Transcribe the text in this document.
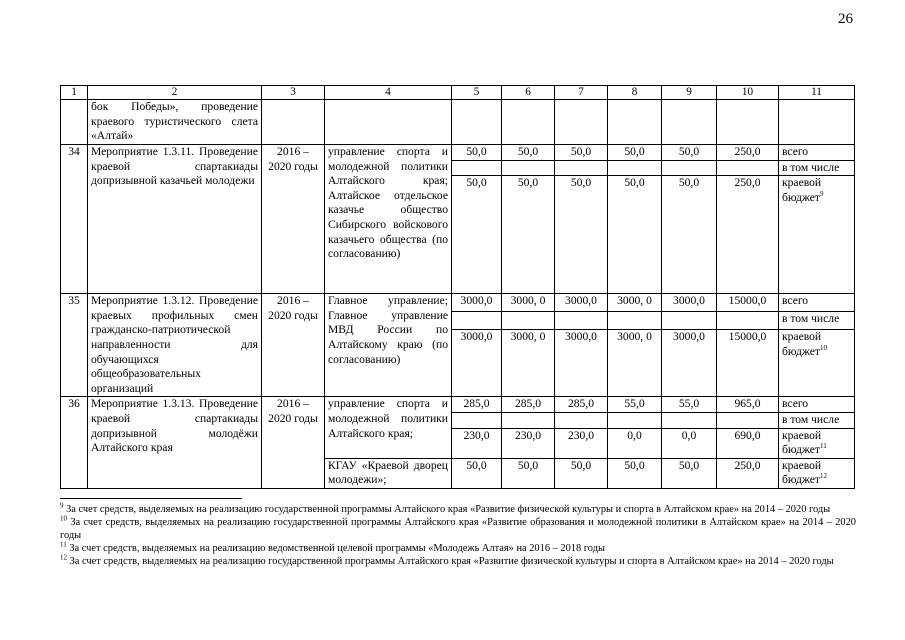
26
1	2	3	4	5	6	7	8	9	10	11
	бок Победы», проведение краевого туристического слета «Алтай»									
34	Мероприятие 1.3.11. Проведение краевой спартакиады допризывной казачьей молодежи	2016 – 2020 годы	управление спорта и молодежной политики Алтайского края; Алтайское отдельское казачье общество Сибирского войскового казачьего общества (по согласованию)	50,0	50,0	50,0	50,0	50,0	250,0	всего
										в том числе
				50,0	50,0	50,0	50,0	50,0	250,0	краевой бюджет$^9$
35	Мероприятие 1.3.12. Проведение краевых профильных смен гражданско-патриотической направленности для обучающихся общеобразовательных организаций	2016 – 2020 годы	Главное управление; Главное управление МВД России по Алтайскому краю (по согласованию)	3000,0	3000, 0	3000,0	3000, 0	3000,0	15000,0	всего
										в том числе
				3000,0	3000, 0	3000,0	3000, 0	3000,0	15000,0	краевой бюджет$^{10}$
36	Мероприятие 1.3.13. Проведение краевой спартакиады допризывной молодёжи Алтайского края	2016 – 2020 годы	управление спорта и молодежной политики Алтайского края;	285,0	285,0	285,0	55,0	55,0	965,0	всего
										в том числе
				230,0	230,0	230,0	0,0	0,0	690,0	краевой бюджет$^{11}$
			КГАУ «Краевой дворец молодежи»;	50,0	50,0	50,0	50,0	50,0	250,0	краевой бюджет$^{12}$

$^9$ За счет средств, выделяемых на реализацию государственной программы Алтайского края «Развитие физической культуры и спорта в Алтайском крае» на 2014 – 2020 годы

$^{10}$ За счет средств, выделяемых на реализацию государственной программы Алтайского края «Развитие образования и молодежной политики в Алтайском крае» на 2014 – 2020 годы

$^{11}$ За счет средств, выделяемых на реализацию ведомственной целевой программы «Молодежь Алтая» на 2016 – 2018 годы

$^{12}$ За счет средств, выделяемых на реализацию государственной программы Алтайского края «Развитие физической культуры и спорта в Алтайском крае» на 2014 – 2020 годы
